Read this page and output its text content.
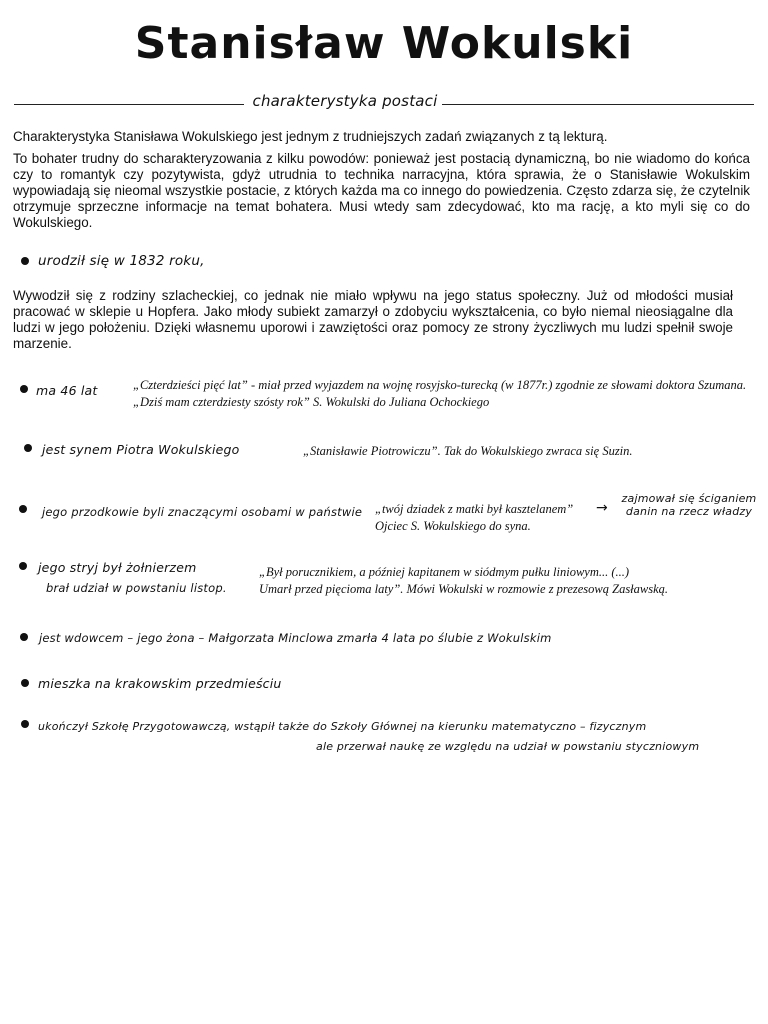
Stanisław Wokulski
charakterystyka postaci
Charakterystyka Stanisława Wokulskiego jest jednym z trudniejszych zadań związanych z tą lekturą.
To bohater trudny do scharakteryzowania z kilku powodów: ponieważ jest postacią dynamiczną, bo nie wiadomo do końca czy to romantyk czy pozytywista, gdyż utrudnia to technika narracyjna, która sprawia, że o Stanisławie Wokulskim wypowiadają się nieomal wszystkie postacie, z których każda ma co innego do powiedzenia. Często zdarza się, że czytelnik otrzymuje sprzeczne informacje na temat bohatera. Musi wtedy sam zdecydować, kto ma rację, a kto myli się co do Wokulskiego.
urodził się w 1832 roku,
Wywodził się z rodziny szlacheckiej, co jednak nie miało wpływu na jego status społeczny. Już od młodości musiał pracować w sklepie u Hopfera. Jako młody subiekt zamarzył o zdobyciu wykształcenia, co było niemal nieosiągalne dla ludzi w jego położeniu. Dzięki własnemu uporowi i zawziętości oraz pomocy ze strony życzliwych mu ludzi spełnił swoje marzenie.
ma 46 lat	„Czterdzieści pięć lat” - miał przed wyjazdem na wojnę rosyjsko-turecką (w 1877r.) zgodnie ze słowami doktora Szumana. „Dziś mam czterdziesty szósty rok” S. Wokulski do Juliana Ochockiego
jest synem Piotra Wokulskiego	„Stanisławie Piotrowiczu”. Tak do Wokulskiego zwraca się Suzin.
jego przodkowie byli znaczącymi osobami w państwie „twój dziadek z matki był kasztelanem”
Ojciec S. Wokulskiego do syna.
→
zajmował się ściganiem danin na rzecz władzy
jego stryj był żołnierzem
brał udział w powstaniu listop.
„Był porucznikiem, a później kapitanem w siódmym pułku liniowym... (...)
Umarł przed pięcioma laty”. Mówi Wokulski w rozmowie z prezesową Zasławską.
jest wdowcem – jego żona – Małgorzata Minclowa zmarła 4 lata po ślubie z Wokulskim
mieszka na krakowskim przedmieściu
ukończył Szkołę Przygotowawczą, wstąpił także do Szkoły Głównej na kierunku matematyczno – fizycznym
ale przerwał naukę ze względu na udział w powstaniu styczniowym
